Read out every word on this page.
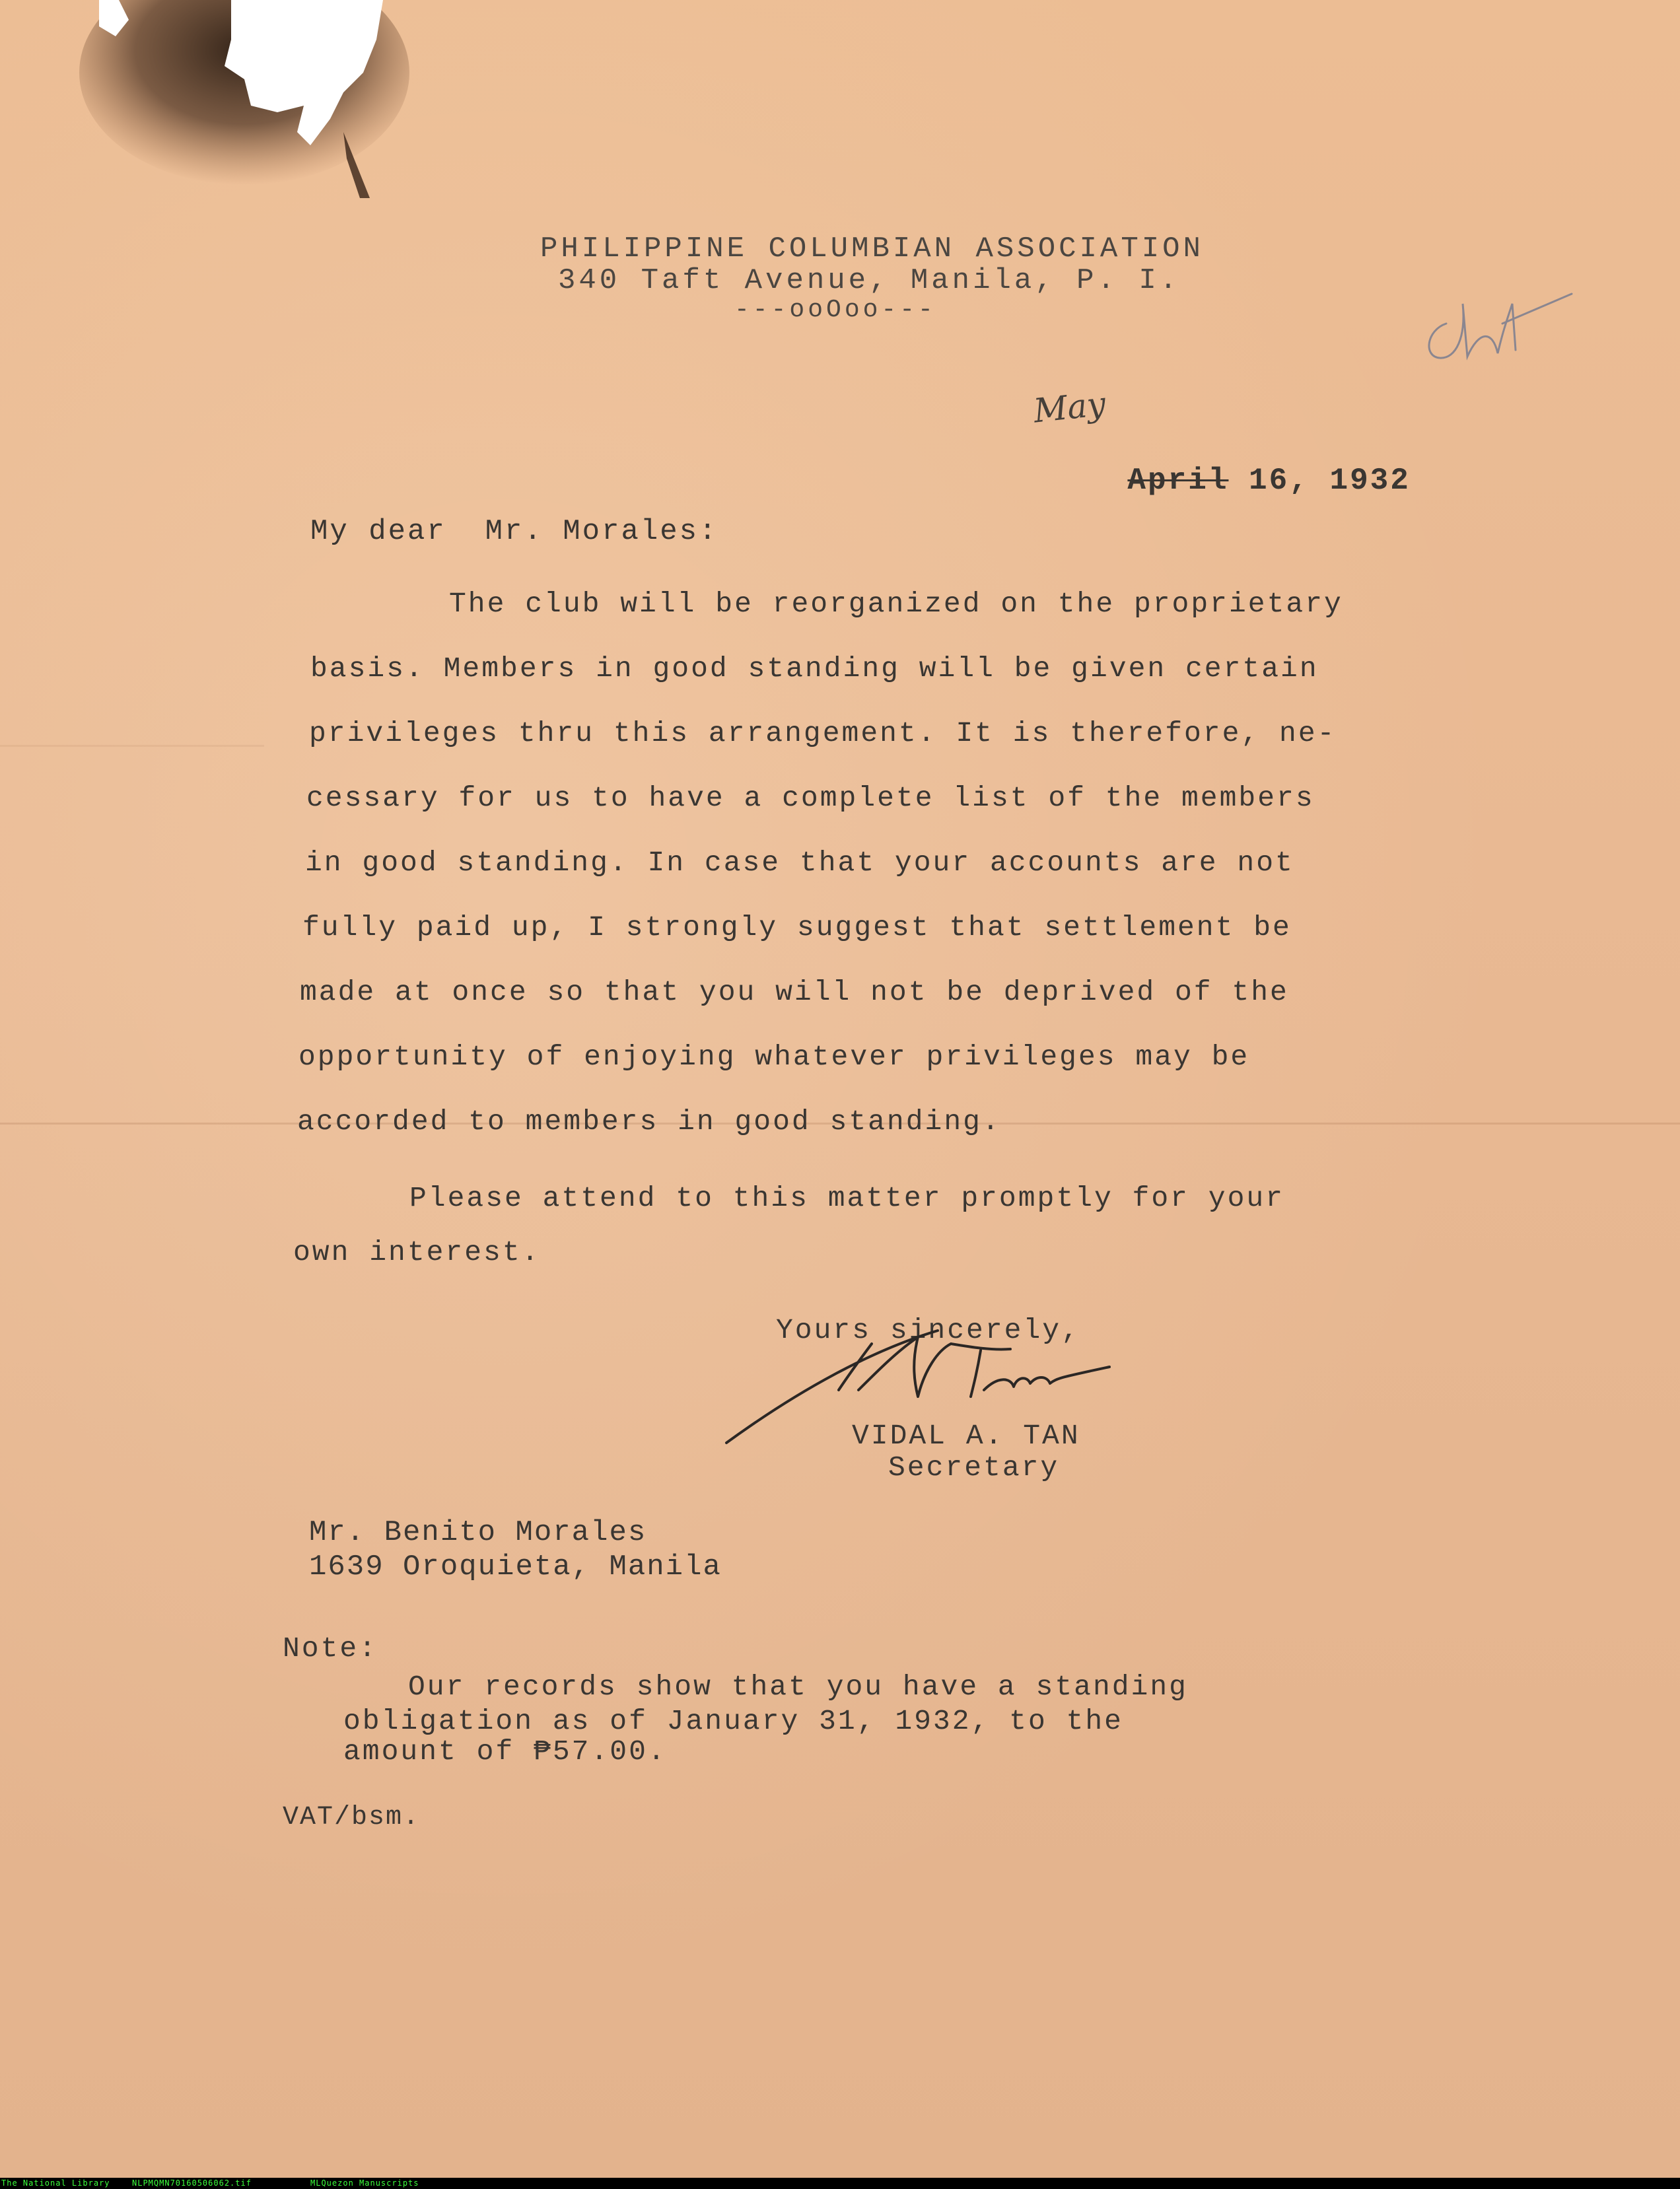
PHILIPPINE COLUMBIAN ASSOCIATION
340 Taft Avenue, Manila, P. I.
---ooOoo---

April 16, 1932

May
My dear  Mr. Morales:
The club will be reorganized on the proprietary
basis. Members in good standing will be given certain
privileges thru this arrangement. It is therefore, ne-
cessary for us to have a complete list of the members
in good standing. In case that your accounts are not
fully paid up, I strongly suggest that settlement be
made at once so that you will not be deprived of the
opportunity of enjoying whatever privileges may be
accorded to members in good standing.
Please attend to this matter promptly for your
own interest.
Yours sincerely,
VIDAL A. TAN
Secretary
Mr. Benito Morales
1639 Oroquieta, Manila
Note:
Our records show that you have a standing
obligation as of January 31, 1932, to the
amount of ₱57.00.
VAT/bsm.
The National Library	NLPMQMN70160506062.tif	MLQuezon Manuscripts
